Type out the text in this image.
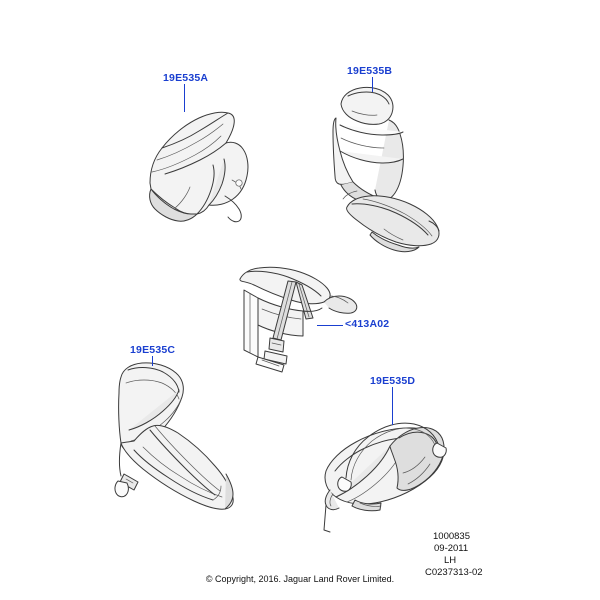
19E535A
19E535B
<413A02
19E535C
19E535D
1000835
09-2011
LH
C0237313-02
© Copyright, 2016. Jaguar Land Rover Limited.
